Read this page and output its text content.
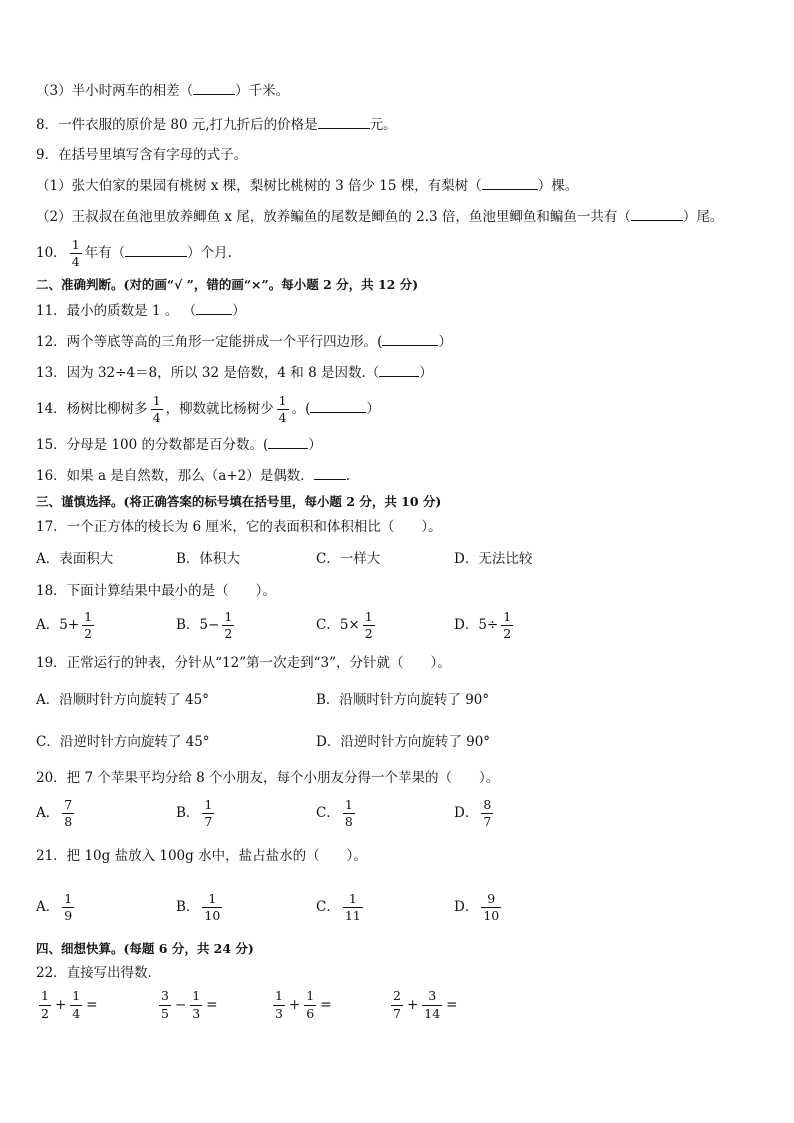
（3）半小时两车的相差（	）千米。
8．一件衣服的原价是 80 元,打九折后的价格是	元。
9．在括号里填写含有字母的式子。
（1）张大伯家的果园有桃树 x 棵，梨树比桃树的 3 倍少 15 棵，有梨树（	）棵。
（2）王叔叔在鱼池里放养鲫鱼 x 尾，放养鳊鱼的尾数是鲫鱼的 2.3 倍，鱼池里鲫鱼和鳊鱼一共有（	）尾。
10． $\frac{1}{4}$ 年有（	）个月.
二、准确判断。(对的画“√ ”，错的画“×”。每小题 2 分，共 12 分)
11．最小的质数是 1 。 （	）
12．两个等底等高的三角形一定能拼成一个平行四边形。(	）
13．因为 32÷4＝8，所以 32 是倍数，4 和 8 是因数.（	）
14．杨树比柳树多 $\frac{1}{4}$ ，柳数就比杨树少 $\frac{1}{4}$ 。(	）
15．分母是 100 的分数都是百分数。(	）
16．如果 a 是自然数，那么（a+2）是偶数． .
三、谨慎选择。(将正确答案的标号填在括号里，每小题 2 分，共 10 分)
17．一个正方体的棱长为 6 厘米，它的表面积和体积相比（　　）。
A．表面积大	B．体积大	C．一样大	D．无法比较
18．下面计算结果中最小的是（　　）。
A．$5+ \frac{1}{2}$	B．$5- \frac{1}{2}$	C．$5\times \frac{1}{2}$	D．$5\div \frac{1}{2}$
19．正常运行的钟表，分针从“12”第一次走到“3”，分针就（　　）。
A．沿顺时针方向旋转了 45°	B．沿顺时针方向旋转了 90°
C．沿逆时针方向旋转了 45°	D．沿逆时针方向旋转了 90°
20．把 7 个苹果平均分给 8 个小朋友，每个小朋友分得一个苹果的（　　）。
A． $\frac{7}{8}$	B． $\frac{1}{7}$	C． $\frac{1}{8}$	D． $\frac{8}{7}$
21．把 10g 盐放入 100g 水中，盐占盐水的（　　）。
A． $\frac{1}{9}$	B． $\frac{1}{10}$	C． $\frac{1}{11}$	D． $\frac{9}{10}$
四、细想快算。(每题 6 分，共 24 分)
22．直接写出得数．
$\frac{1}{2} + \frac{1}{4}$ =	$\frac{3}{5} - \frac{1}{3}$ =	$\frac{1}{3} + \frac{1}{6}$ =	$\frac{2}{7} + \frac{3}{14}$ =
